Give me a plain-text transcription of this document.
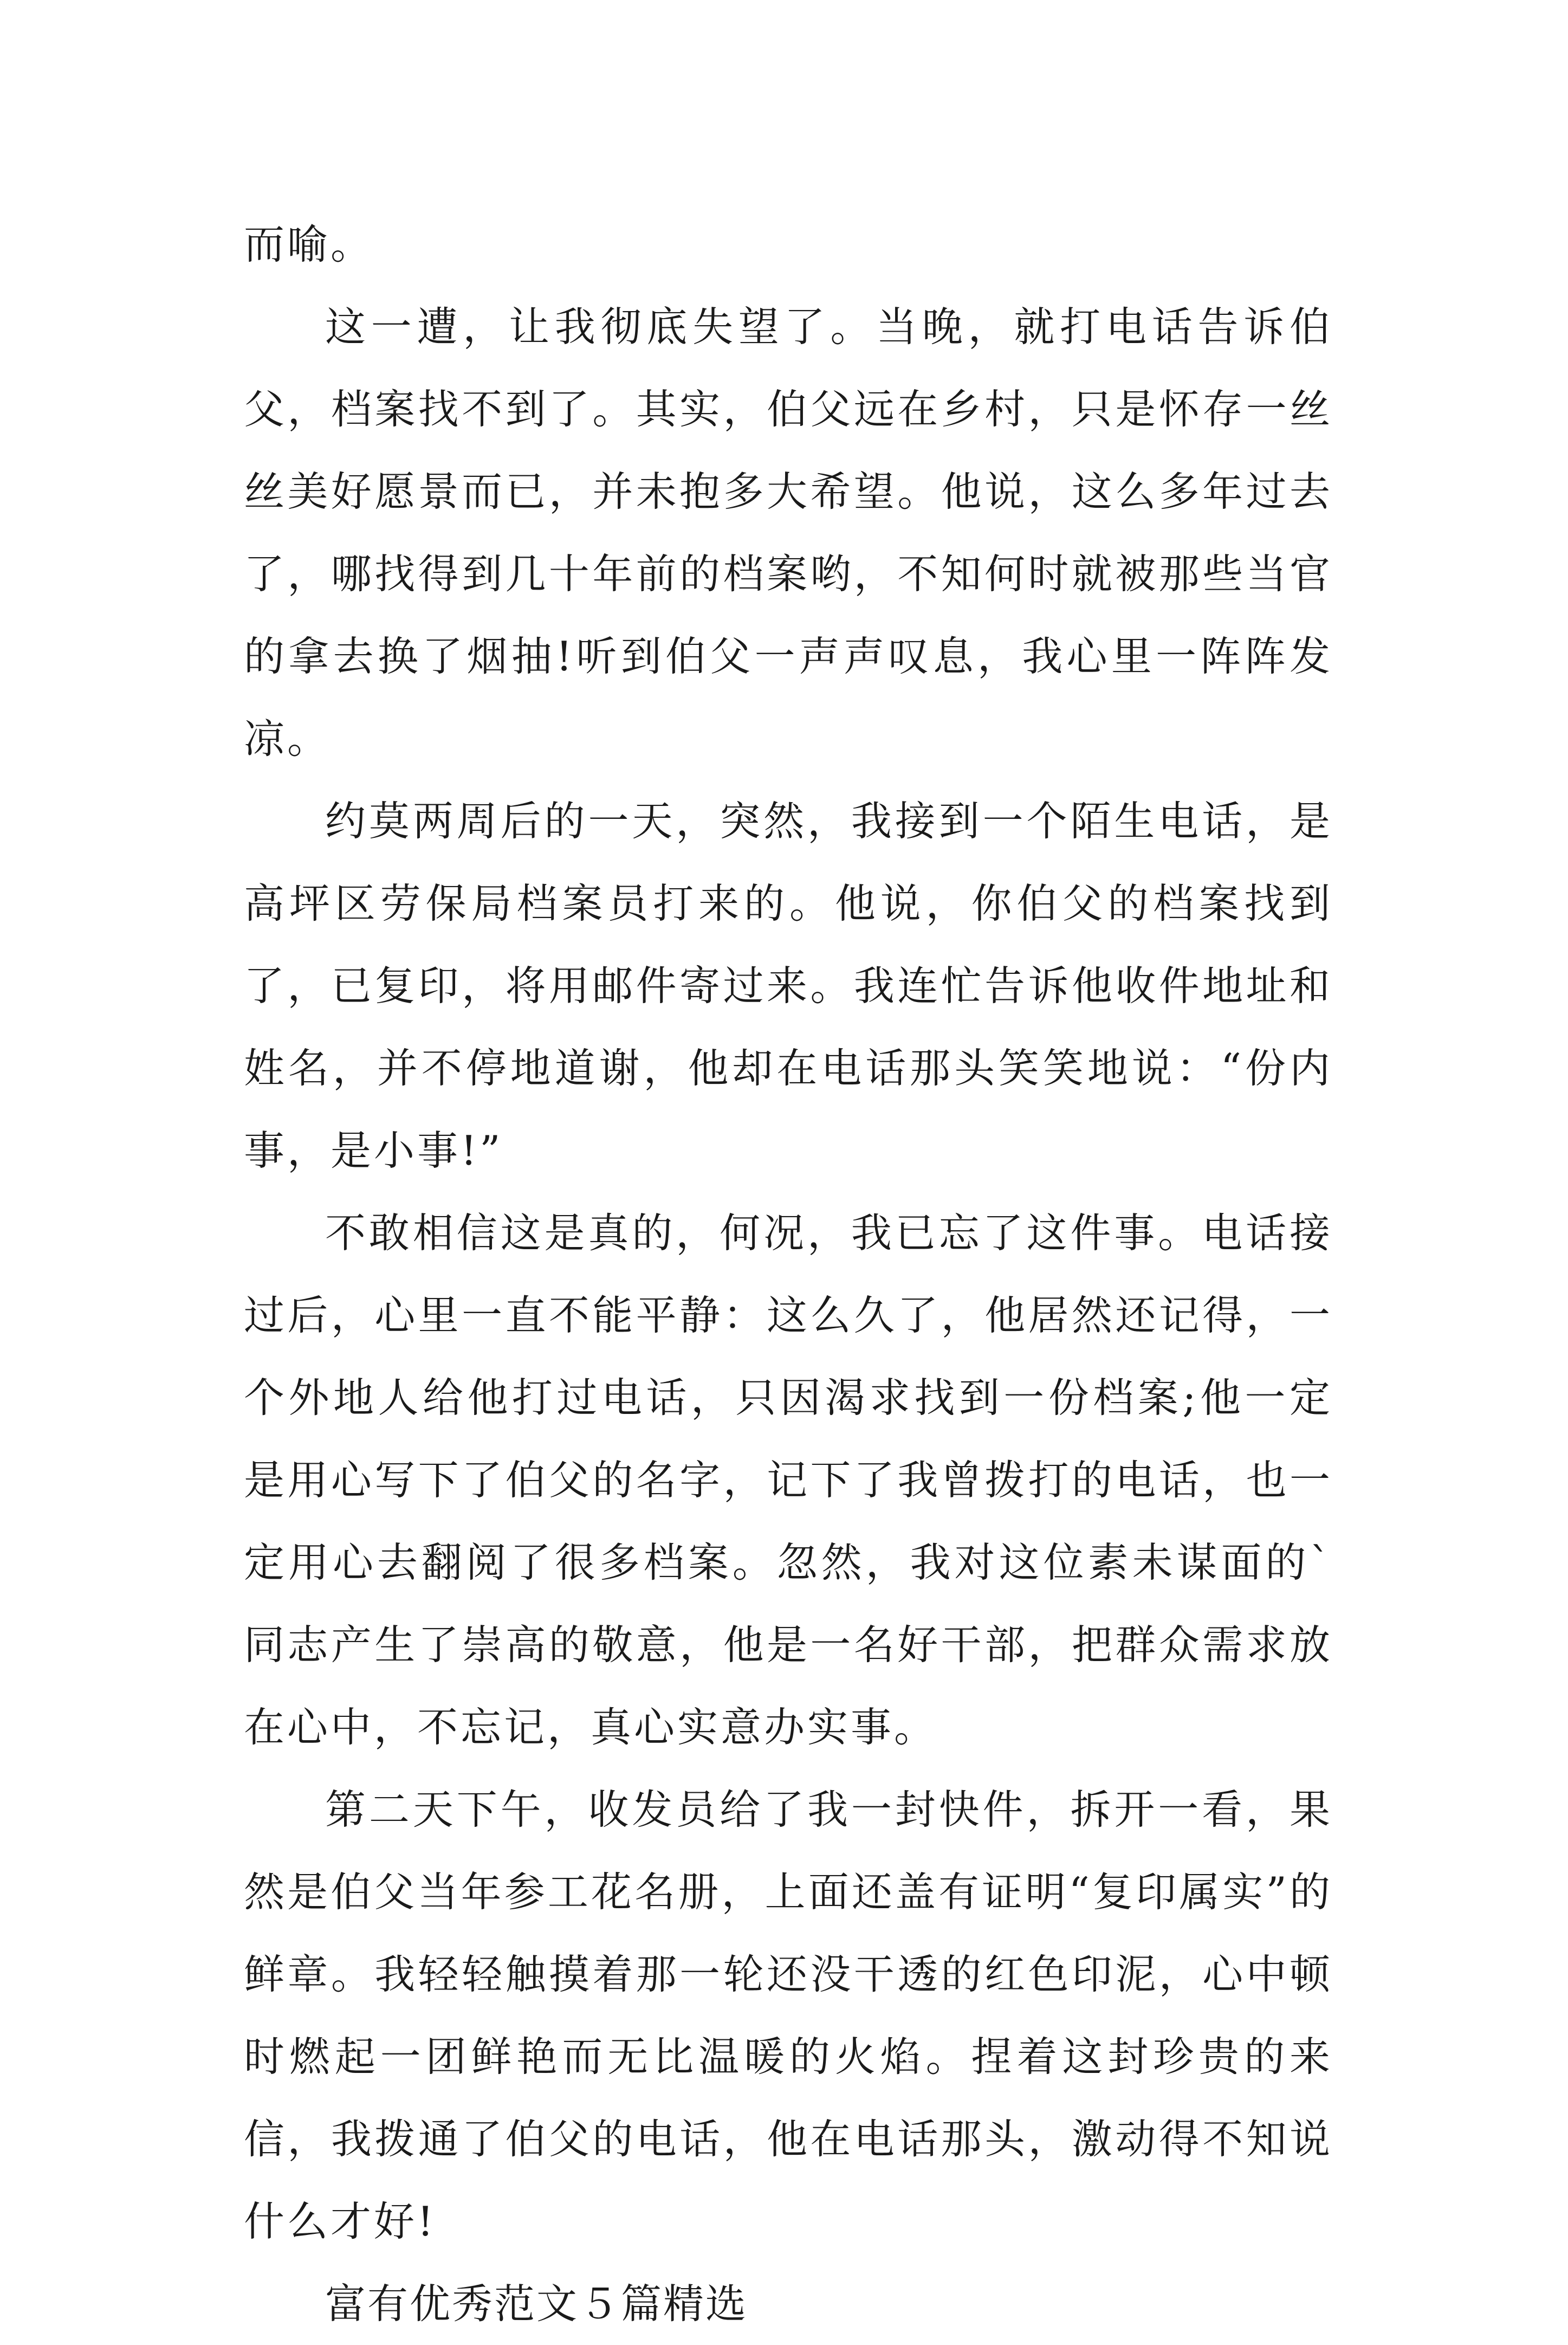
而喻。

这一遭，让我彻底失望了。当晚，就打电话告诉伯父，档案找不到了。其实，伯父远在乡村，只是怀存一丝丝美好愿景而已，并未抱多大希望。他说，这么多年过去了，哪找得到几十年前的档案哟，不知何时就被那些当官的拿去换了烟抽!听到伯父一声声叹息，我心里一阵阵发凉。

约莫两周后的一天，突然，我接到一个陌生电话，是高坪区劳保局档案员打来的。他说，你伯父的档案找到了，已复印，将用邮件寄过来。我连忙告诉他收件地址和姓名，并不停地道谢，他却在电话那头笑笑地说：“份内事，是小事!”

不敢相信这是真的，何况，我已忘了这件事。电话接过后，心里一直不能平静：这么久了，他居然还记得，一个外地人给他打过电话，只因渴求找到一份档案;他一定是用心写下了伯父的名字，记下了我曾拨打的电话，也一定用心去翻阅了很多档案。忽然，我对这位素未谋面的`同志产生了崇高的敬意，他是一名好干部，把群众需求放在心中，不忘记，真心实意办实事。

第二天下午，收发员给了我一封快件，拆开一看，果然是伯父当年参工花名册，上面还盖有证明“复印属实”的鲜章。我轻轻触摸着那一轮还没干透的红色印泥，心中顿时燃起一团鲜艳而无比温暖的火焰。捏着这封珍贵的来信，我拨通了伯父的电话，他在电话那头，激动得不知说什么才好!

富有优秀范文５篇精选
